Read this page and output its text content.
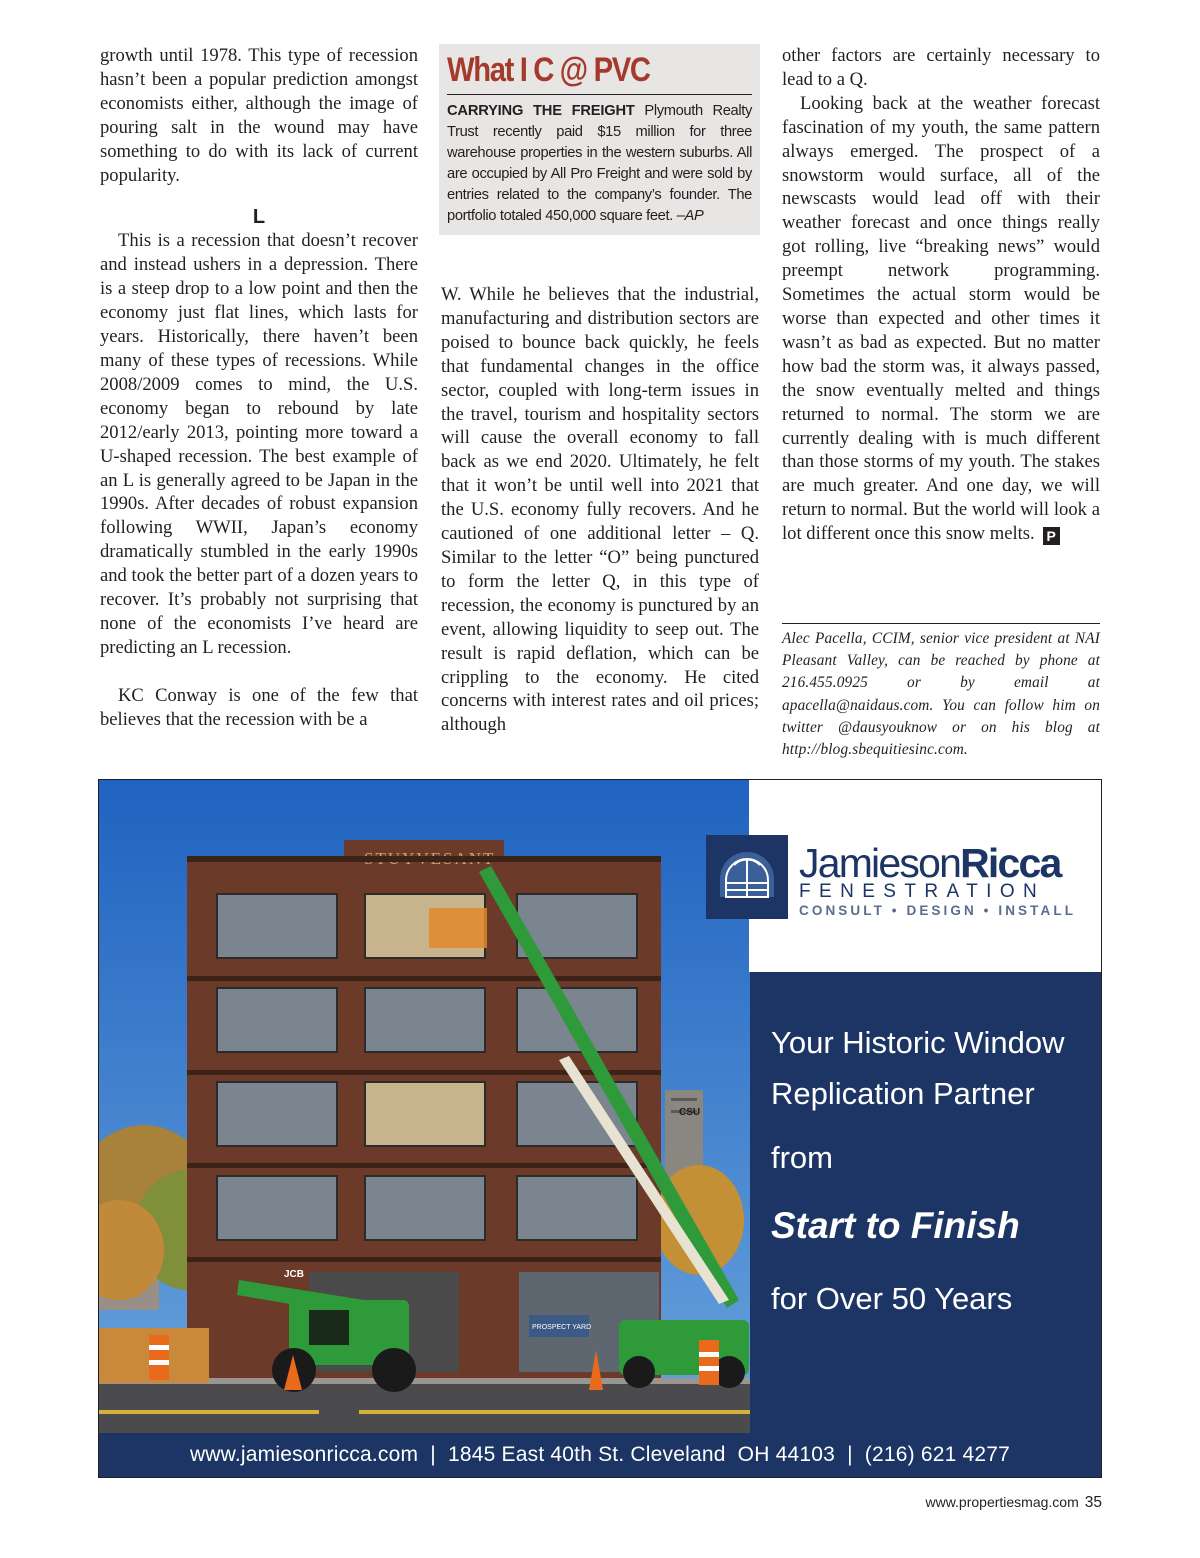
growth until 1978. This type of recession hasn’t been a popular prediction amongst economists either, although the image of pouring salt in the wound may have something to do with its lack of current popularity.

L

This is a recession that doesn’t recover and instead ushers in a depression. There is a steep drop to a low point and then the economy just flat lines, which lasts for years. Historically, there haven’t been many of these types of recessions. While 2008/2009 comes to mind, the U.S. economy began to rebound by late 2012/early 2013, pointing more toward a U-shaped recession. The best example of an L is generally agreed to be Japan in the 1990s. After decades of robust expansion following WWII, Japan’s economy dramatically stumbled in the early 1990s and took the better part of a dozen years to recover. It’s probably not surprising that none of the economists I’ve heard are predicting an L recession.

KC Conway is one of the few that believes that the recession with be a

What I C @ PVC
CARRYING THE FREIGHT Plymouth Realty Trust recently paid $15 million for three warehouse properties in the western suburbs. All are occupied by All Pro Freight and were sold by entries related to the company’s founder. The portfolio totaled 450,000 square feet. –AP

W. While he believes that the industrial, manufacturing and distribution sectors are poised to bounce back quickly, he feels that fundamental changes in the office sector, coupled with long-term issues in the travel, tourism and hospitality sectors will cause the overall economy to fall back as we end 2020. Ultimately, he felt that it won’t be until well into 2021 that the U.S. economy fully recovers. And he cautioned of one additional letter – Q. Similar to the letter “O” being punctured to form the letter Q, in this type of recession, the economy is punctured by an event, allowing liquidity to seep out. The result is rapid deflation, which can be crippling to the economy. He cited concerns with interest rates and oil prices; although

other factors are certainly necessary to lead to a Q.

Looking back at the weather forecast fascination of my youth, the same pattern always emerged. The prospect of a snowstorm would surface, all of the newscasts would lead off with their weather forecast and once things really got rolling, live “breaking news” would preempt network programming. Sometimes the actual storm would be worse than expected and other times it wasn’t as bad as expected. But no matter how bad the storm was, it always passed, the snow eventually melted and things returned to normal. The storm we are currently dealing with is much different than those storms of my youth. The stakes are much greater. And one day, we will return to normal. But the world will look a lot different once this snow melts. P

Alec Pacella, CCIM, senior vice president at NAI Pleasant Valley, can be reached by phone at 216.455.0925 or by email at apacella@naidaus.com. You can follow him on twitter @dausyouknow or on his blog at http://blog.sbequitiesinc.com.
CSU
PROSPECT YARD
JCB
JamiesonRicca
FENESTRATION
CONSULT • DESIGN • INSTALL
Your Historic Window
Replication Partner
from
Start to Finish
for Over 50 Years
www.jamiesonricca.com  |  1845 East 40th St. Cleveland  OH 44103  |  (216) 621 4277
www.propertiesmag.com 35
